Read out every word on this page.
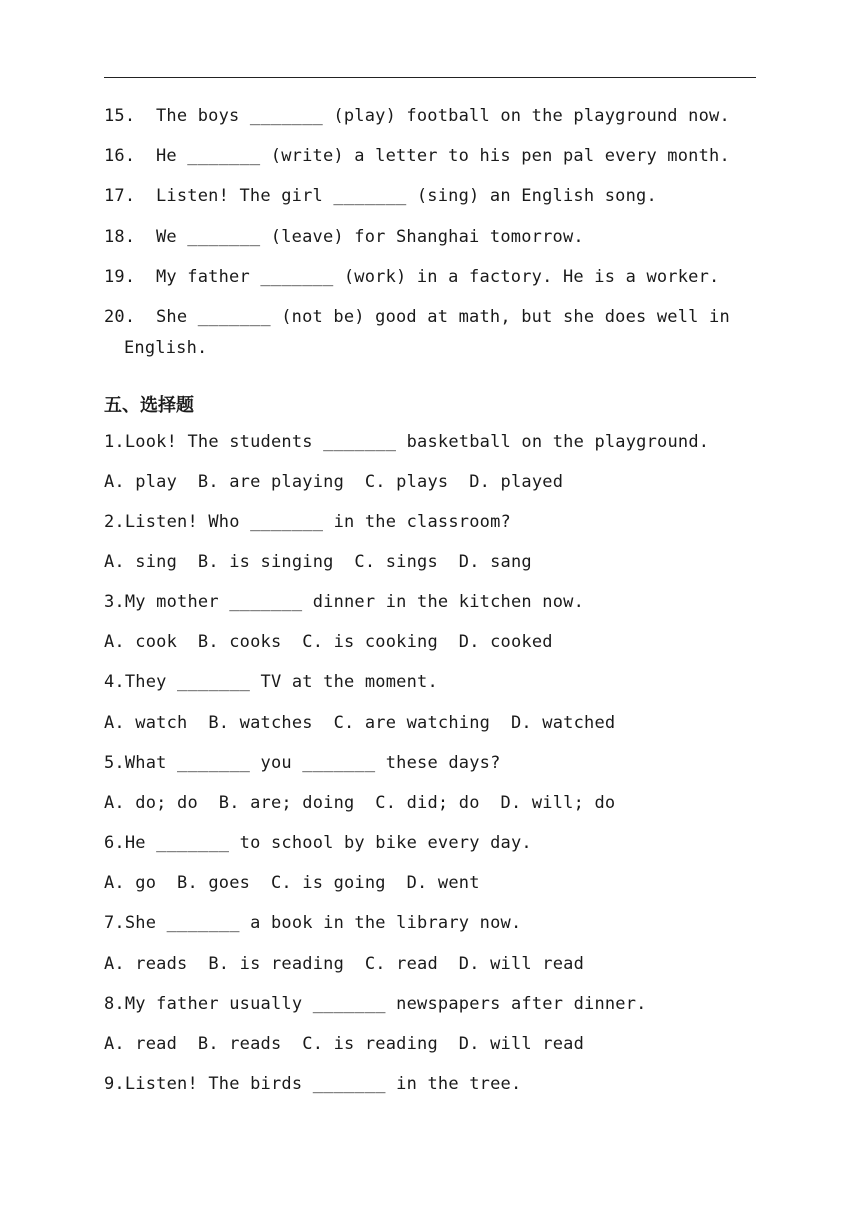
15. The boys _______ (play) football on the playground now.
16. He _______ (write) a letter to his pen pal every month.
17. Listen! The girl _______ (sing) an English song.
18. We _______ (leave) for Shanghai tomorrow.
19. My father _______ (work) in a factory. He is a worker.
20. She _______ (not be) good at math, but she does well in
English.
五、选择题
1.Look! The students _______ basketball on the playground.
A. play  B. are playing  C. plays  D. played
2.Listen! Who _______ in the classroom?
A. sing  B. is singing  C. sings  D. sang
3.My mother _______ dinner in the kitchen now.
A. cook  B. cooks  C. is cooking  D. cooked
4.They _______ TV at the moment.
A. watch  B. watches  C. are watching  D. watched
5.What _______ you _______ these days?
A. do; do  B. are; doing  C. did; do  D. will; do
6.He _______ to school by bike every day.
A. go  B. goes  C. is going  D. went
7.She _______ a book in the library now.
A. reads  B. is reading  C. read  D. will read
8.My father usually _______ newspapers after dinner.
A. read  B. reads  C. is reading  D. will read
9.Listen! The birds _______ in the tree.
